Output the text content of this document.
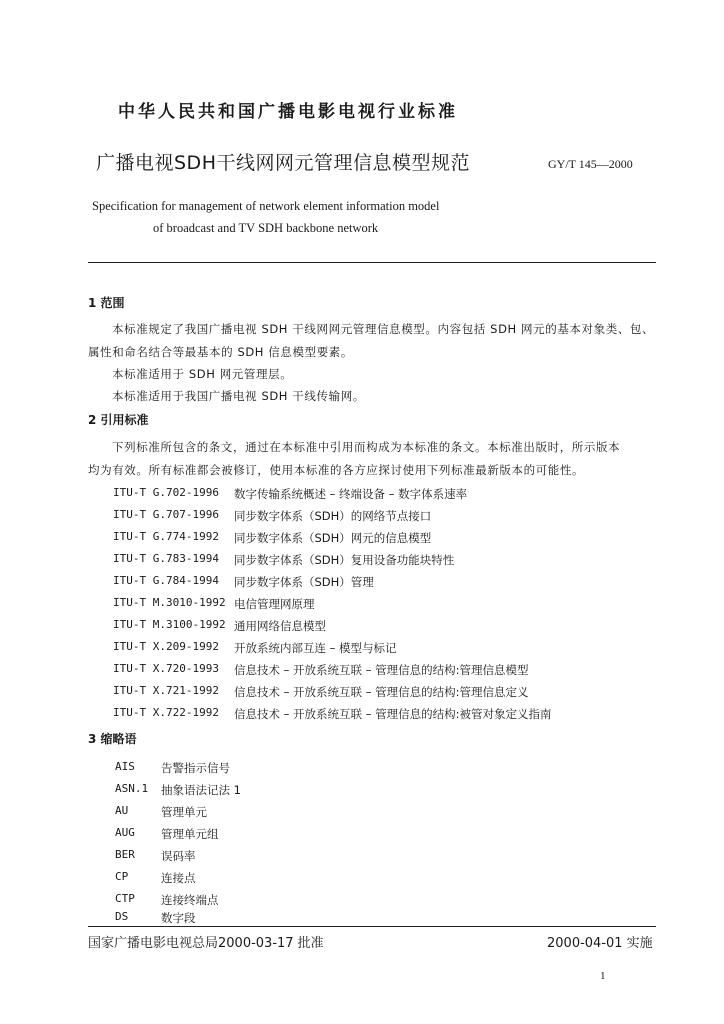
中华人民共和国广播电影电视行业标准
广播电视SDH干线网网元管理信息模型规范	GY/T 145—2000
Specification for management of network element information model
of broadcast and TV SDH backbone network
1 范围
本标准规定了我国广播电视 SDH 干线网网元管理信息模型。内容包括 SDH 网元的基本对象类、包、
属性和命名结合等最基本的 SDH 信息模型要素。
本标准适用于 SDH 网元管理层。
本标准适用于我国广播电视 SDH 干线传输网。
2 引用标准
下列标准所包含的条文，通过在本标准中引用而构成为本标准的条文。本标准出版时，所示版本
均为有效。所有标准都会被修订，使用本标准的各方应探讨使用下列标准最新版本的可能性。
ITU-T G.702-1996 数字传输系统概述 – 终端设备 – 数字体系速率
ITU-T G.707-1996 同步数字体系（SDH）的网络节点接口
ITU-T G.774-1992 同步数字体系（SDH）网元的信息模型
ITU-T G.783-1994 同步数字体系（SDH）复用设备功能块特性
ITU-T G.784-1994 同步数字体系（SDH）管理
ITU-T M.3010-1992 电信管理网原理
ITU-T M.3100-1992 通用网络信息模型
ITU-T X.209-1992 开放系统内部互连 – 模型与标记
ITU-T X.720-1993 信息技术 – 开放系统互联 – 管理信息的结构:管理信息模型
ITU-T X.721-1992 信息技术 – 开放系统互联 – 管理信息的结构:管理信息定义
ITU-T X.722-1992 信息技术 – 开放系统互联 – 管理信息的结构:被管对象定义指南
3 缩略语
AIS 告警指示信号
ASN.1 抽象语法记法 1
AU	管理单元
AUG 管理单元组
BER 误码率
CP	连接点
CTP 连接终端点
DS	数字段
国家广播电影电视总局2000-03-17 批准	2000-04-01 实施
1
